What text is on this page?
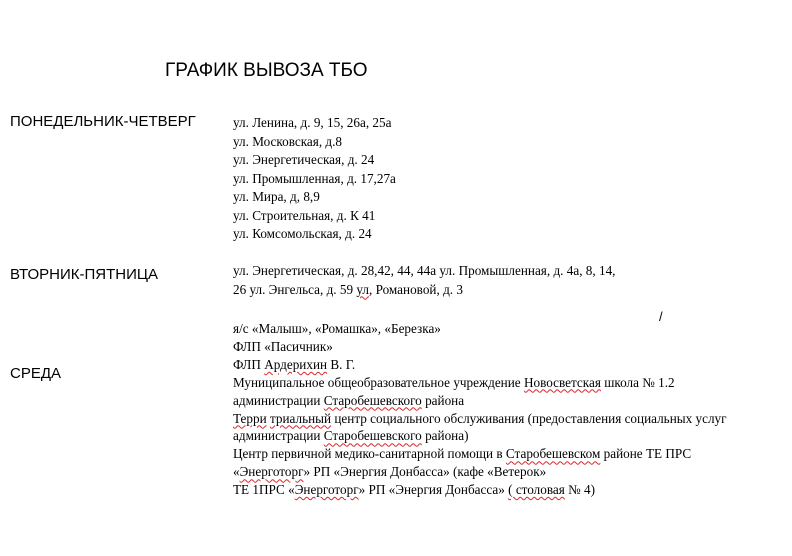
ГРАФИК ВЫВОЗА ТБО
ПОНЕДЕЛЬНИК-ЧЕТВЕРГ	ул. Ленина, д. 9, 15, 26а, 25а
ул. Московская, д.8
ул. Энергетическая, д. 24
ул. Промышленная, д. 17,27а
ул. Мира, д, 8,9
ул. Строительная, д. К 41
ул. Комсомольская, д. 24
ВТОРНИК-ПЯТНИЦА	ул. Энергетическая, д. 28,42, 44, 44а ул. Промышленная, д. 4а, 8, 14,
26 ул. Энгельса, д. 59 ул, Романовой, д. 3
/
СРЕДА
я/с «Малыш», «Ромашка», «Березка»
ФЛП «Пасичник»
ФЛП Ардерихин В. Г.
Муниципальное общеобразовательное учреждение Новосветская школа № 1.2
администрации Старобешевского района
Терри триальный центр социального обслуживания (предоставления социальных услуг
администрации Старобешевского района)
Центр первичной медико-санитарной помощи в Старобешевском районе ТЕ ПРС
«Энерготорг» РП «Энергия Донбасса» (кафе «Ветерок»
ТЕ 1ПРС «Энерготорг» РП «Энергия Донбасса» ( столовая № 4)
